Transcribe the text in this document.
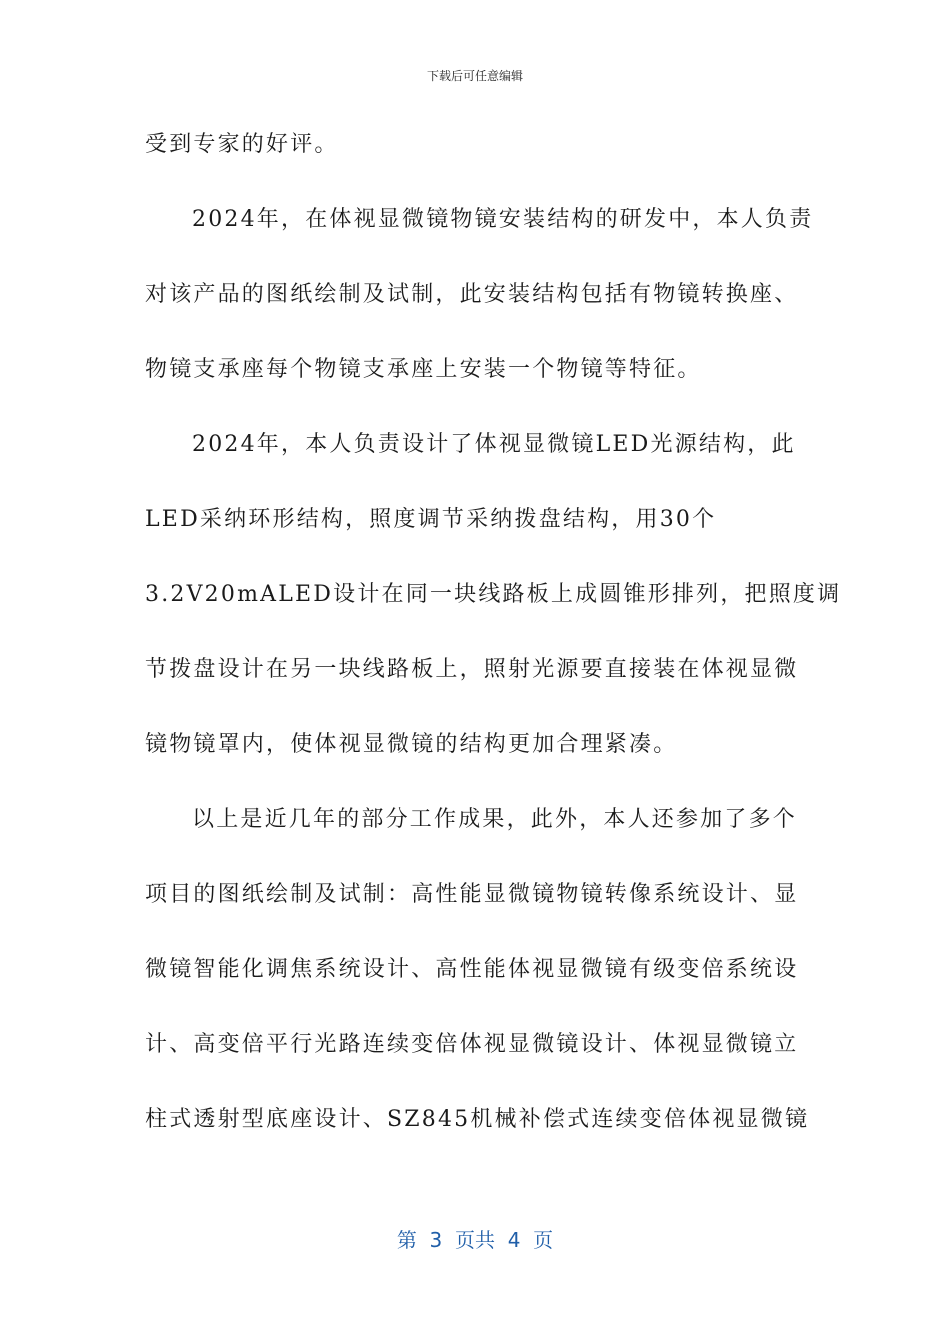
下载后可任意编辑
受到专家的好评。
2024年，在体视显微镜物镜安装结构的研发中，本人负责
对该产品的图纸绘制及试制，此安装结构包括有物镜转换座、
物镜支承座每个物镜支承座上安装一个物镜等特征。
2024年，本人负责设计了体视显微镜LED光源结构，此
LED采纳环形结构，照度调节采纳拨盘结构，用30个
3.2V20mALED设计在同一块线路板上成圆锥形排列，把照度调
节拨盘设计在另一块线路板上，照射光源要直接装在体视显微
镜物镜罩内，使体视显微镜的结构更加合理紧凑。
以上是近几年的部分工作成果，此外，本人还参加了多个
项目的图纸绘制及试制：高性能显微镜物镜转像系统设计、显
微镜智能化调焦系统设计、高性能体视显微镜有级变倍系统设
计、高变倍平行光路连续变倍体视显微镜设计、体视显微镜立
柱式透射型底座设计、SZ845机械补偿式连续变倍体视显微镜
第  3  页共  4  页
